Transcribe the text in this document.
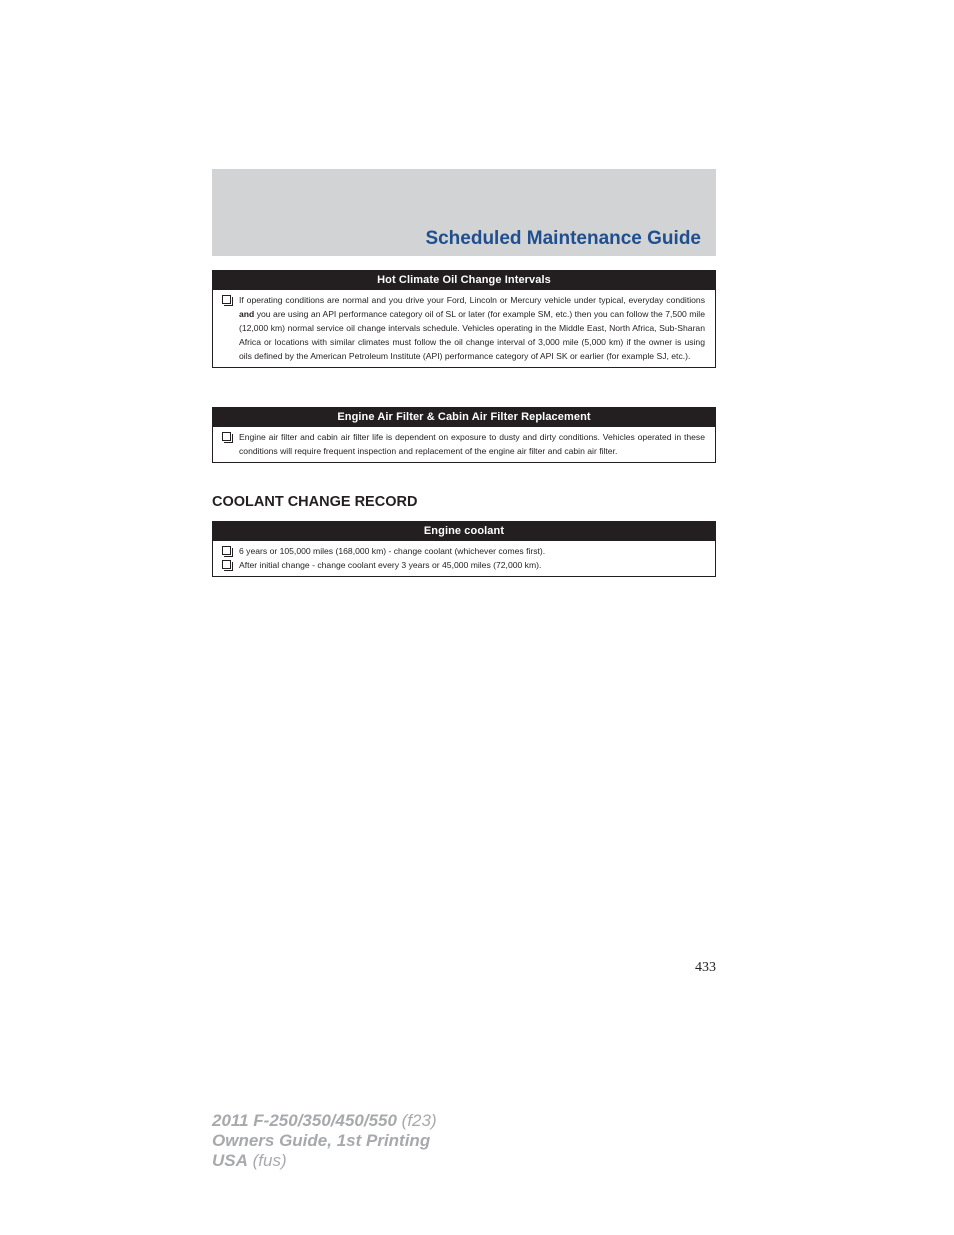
Scheduled Maintenance Guide
Hot Climate Oil Change Intervals
If operating conditions are normal and you drive your Ford, Lincoln or Mercury vehicle under typical, everyday conditions and you are using an API performance category oil of SL or later (for example SM, etc.) then you can follow the 7,500 mile (12,000 km) normal service oil change intervals schedule. Vehicles operating in the Middle East, North Africa, Sub-Sharan Africa or locations with similar climates must follow the oil change interval of 3,000 mile (5,000 km) if the owner is using oils defined by the American Petroleum Institute (API) performance category of API SK or earlier (for example SJ, etc.).
Engine Air Filter & Cabin Air Filter Replacement
Engine air filter and cabin air filter life is dependent on exposure to dusty and dirty conditions. Vehicles operated in these conditions will require frequent inspection and replacement of the engine air filter and cabin air filter.
COOLANT CHANGE RECORD
Engine coolant
6 years or 105,000 miles (168,000 km) - change coolant (whichever comes first).
After initial change - change coolant every 3 years or 45,000 miles (72,000 km).
433
2011 F-250/350/450/550 (f23)
Owners Guide, 1st Printing
USA (fus)
